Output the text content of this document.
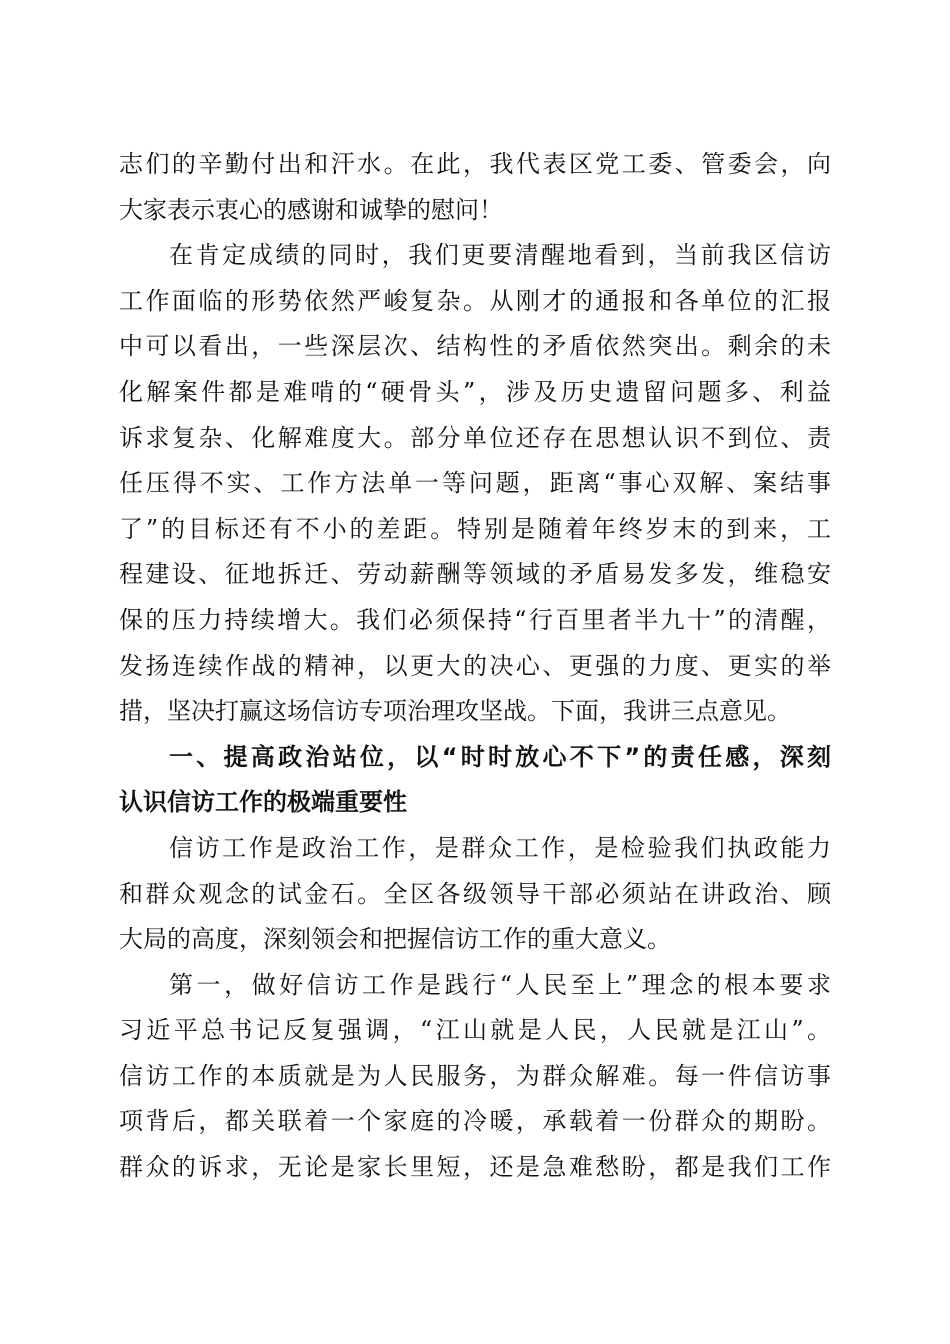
志们的辛勤付出和汗水。在此，我代表区党工委、管委会，向
大家表示衷心的感谢和诚挚的慰问！
在肯定成绩的同时，我们更要清醒地看到，当前我区信访
工作面临的形势依然严峻复杂。从刚才的通报和各单位的汇报
中可以看出，一些深层次、结构性的矛盾依然突出。剩余的未
化解案件都是难啃的“硬骨头”，涉及历史遗留问题多、利益
诉求复杂、化解难度大。部分单位还存在思想认识不到位、责
任压得不实、工作方法单一等问题，距离“事心双解、案结事
了”的目标还有不小的差距。特别是随着年终岁末的到来，工
程建设、征地拆迁、劳动薪酬等领域的矛盾易发多发，维稳安
保的压力持续增大。我们必须保持“行百里者半九十”的清醒，
发扬连续作战的精神，以更大的决心、更强的力度、更实的举
措，坚决打赢这场信访专项治理攻坚战。下面，我讲三点意见。
一、提高政治站位，以“时时放心不下”的责任感，深刻
认识信访工作的极端重要性
信访工作是政治工作，是群众工作，是检验我们执政能力
和群众观念的试金石。全区各级领导干部必须站在讲政治、顾
大局的高度，深刻领会和把握信访工作的重大意义。
第一，做好信访工作是践行“人民至上”理念的根本要求
习近平总书记反复强调，“江山就是人民，人民就是江山”。
信访工作的本质就是为人民服务，为群众解难。每一件信访事
项背后，都关联着一个家庭的冷暖，承载着一份群众的期盼。
群众的诉求，无论是家长里短，还是急难愁盼，都是我们工作
